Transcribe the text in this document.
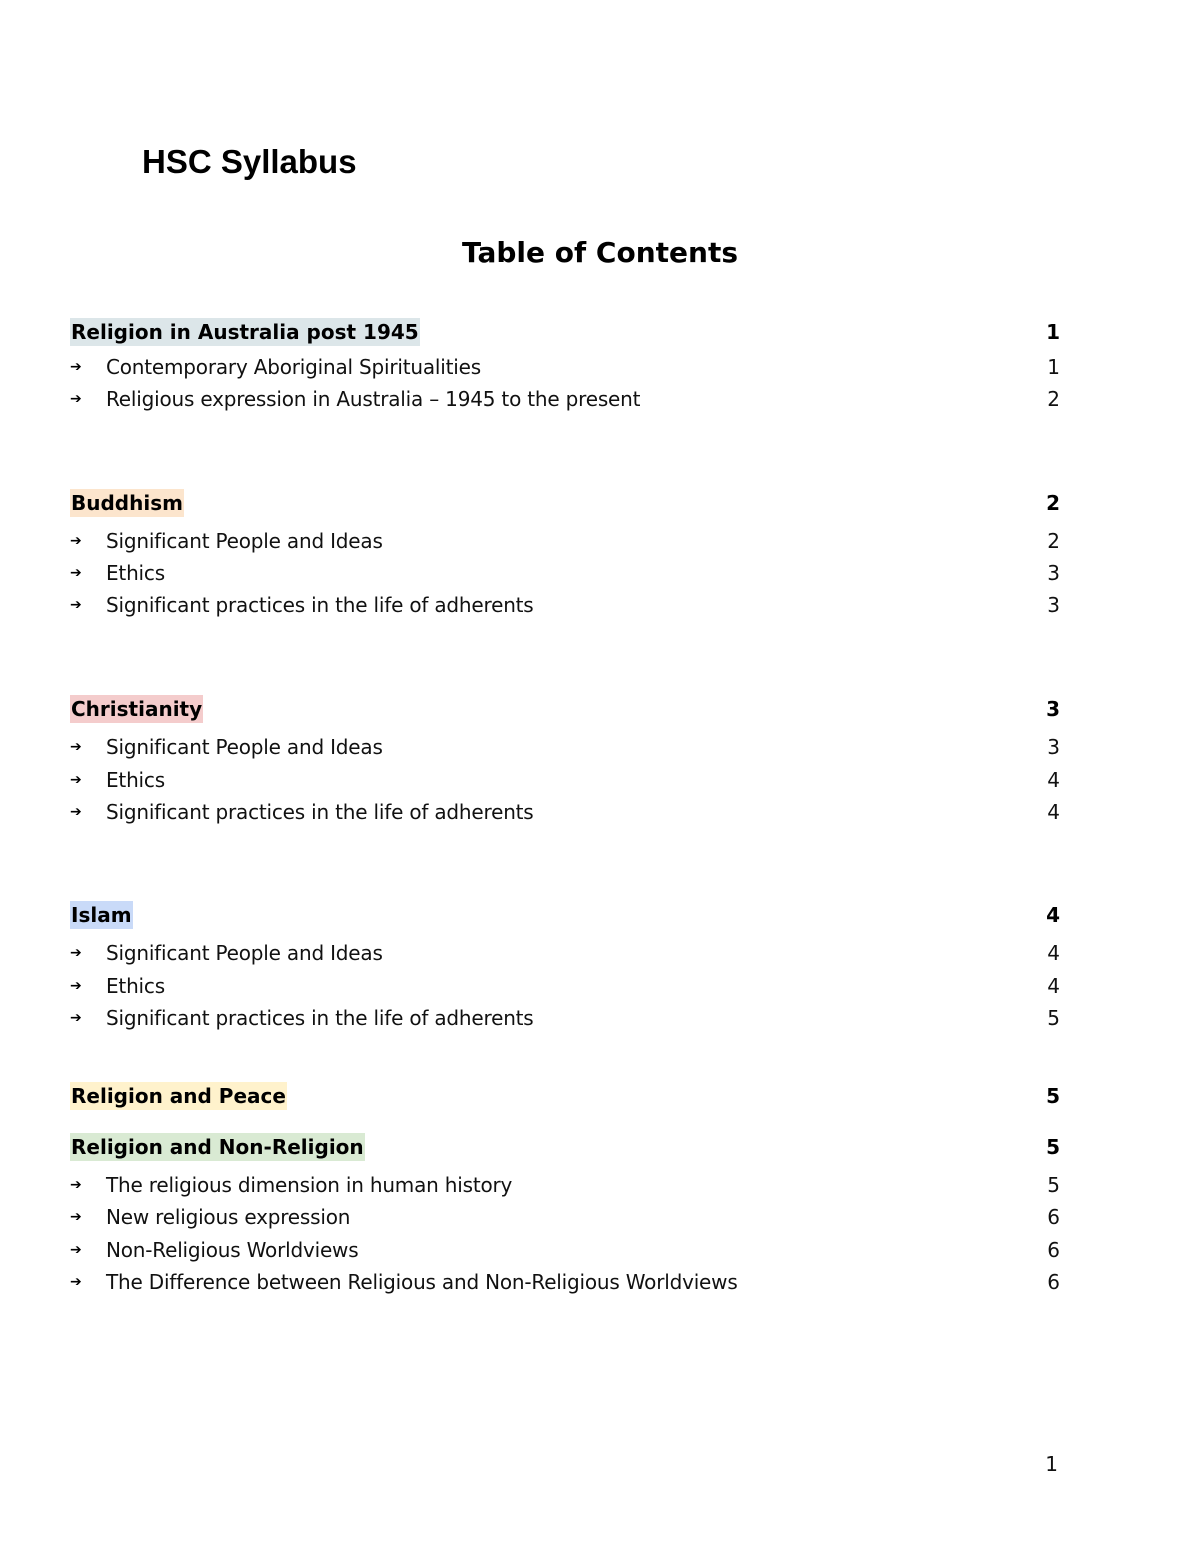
HSC Syllabus
Table of Contents
Religion in Australia post 1945	1
➔	Contemporary Aboriginal Spiritualities	1
➔	Religious expression in Australia – 1945 to the present	2
Buddhism	2
➔	Significant People and Ideas	2
➔	Ethics	3
➔	Significant practices in the life of adherents	3
Christianity	3
➔	Significant People and Ideas	3
➔	Ethics	4
➔	Significant practices in the life of adherents	4
Islam	4
➔	Significant People and Ideas	4
➔	Ethics	4
➔	Significant practices in the life of adherents	5
Religion and Peace	5
Religion and Non-Religion	5
➔	The religious dimension in human history	5
➔	New religious expression	6
➔	Non-Religious Worldviews	6
➔	The Difference between Religious and Non-Religious Worldviews	6
1
